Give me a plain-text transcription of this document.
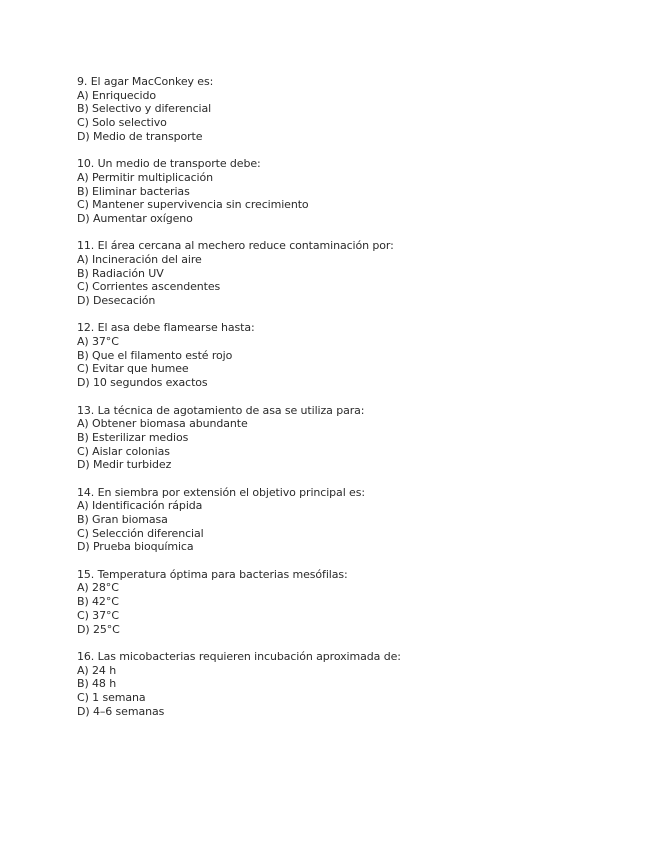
9. El agar MacConkey es:
A) Enriquecido
B) Selectivo y diferencial
C) Solo selectivo
D) Medio de transporte
10. Un medio de transporte debe:
A) Permitir multiplicación
B) Eliminar bacterias
C) Mantener supervivencia sin crecimiento
D) Aumentar oxígeno
11. El área cercana al mechero reduce contaminación por:
A) Incineración del aire
B) Radiación UV
C) Corrientes ascendentes
D) Desecación
12. El asa debe flamearse hasta:
A) 37°C
B) Que el filamento esté rojo
C) Evitar que humee
D) 10 segundos exactos
13. La técnica de agotamiento de asa se utiliza para:
A) Obtener biomasa abundante
B) Esterilizar medios
C) Aislar colonias
D) Medir turbidez
14. En siembra por extensión el objetivo principal es:
A) Identificación rápida
B) Gran biomasa
C) Selección diferencial
D) Prueba bioquímica
15. Temperatura óptima para bacterias mesófilas:
A) 28°C
B) 42°C
C) 37°C
D) 25°C
16. Las micobacterias requieren incubación aproximada de:
A) 24 h
B) 48 h
C) 1 semana
D) 4–6 semanas
